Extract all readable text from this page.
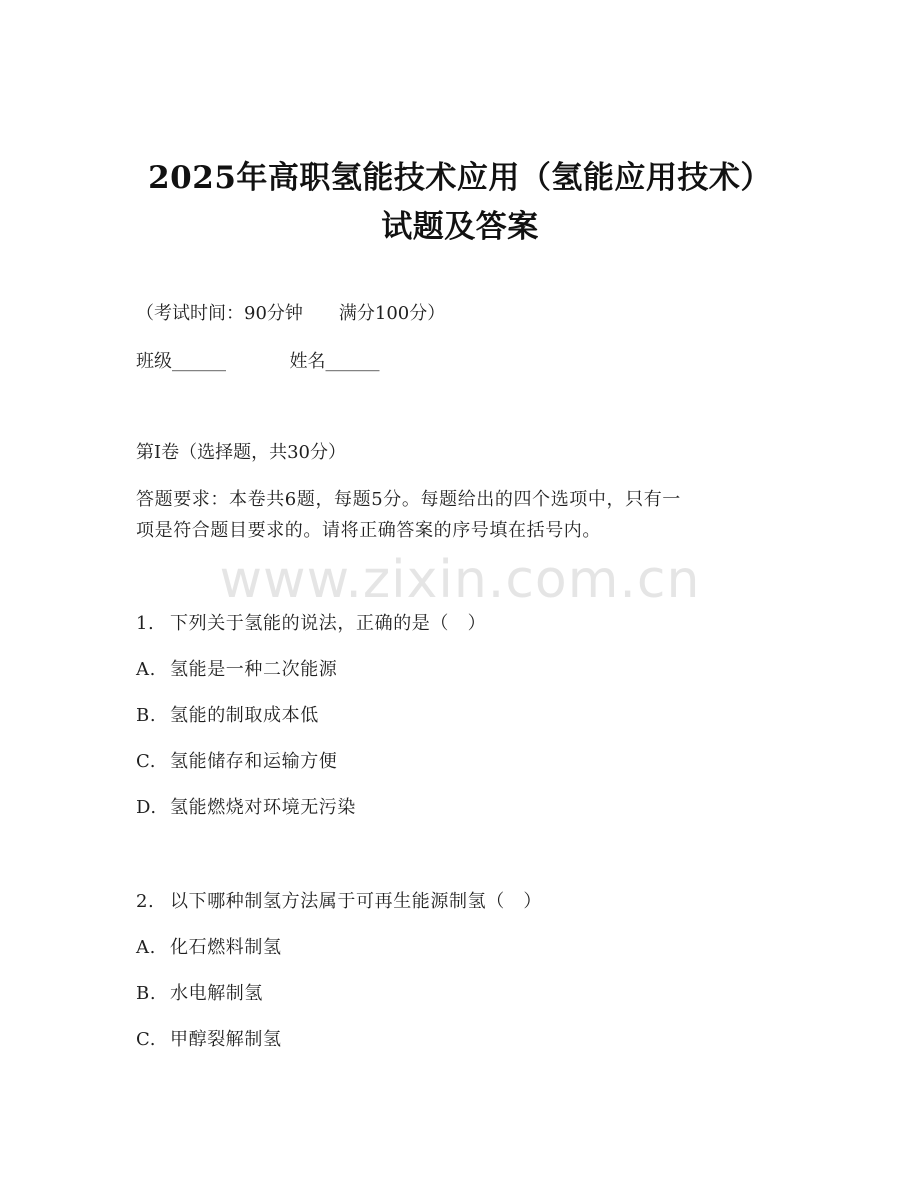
2025年高职氢能技术应用（氢能应用技术）
试题及答案
（考试时间：90分钟　　满分100分）
班级______	姓名______
第Ⅰ卷（选择题，共30分）
答题要求：本卷共6题，每题5分。每题给出的四个选项中，只有一
项是符合题目要求的。请将正确答案的序号填在括号内。
www.zixin.com.cn
1. 下列关于氢能的说法，正确的是（　）
A. 氢能是一种二次能源
B. 氢能的制取成本低
C. 氢能储存和运输方便
D. 氢能燃烧对环境无污染
2. 以下哪种制氢方法属于可再生能源制氢（　）
A. 化石燃料制氢
B. 水电解制氢
C. 甲醇裂解制氢
